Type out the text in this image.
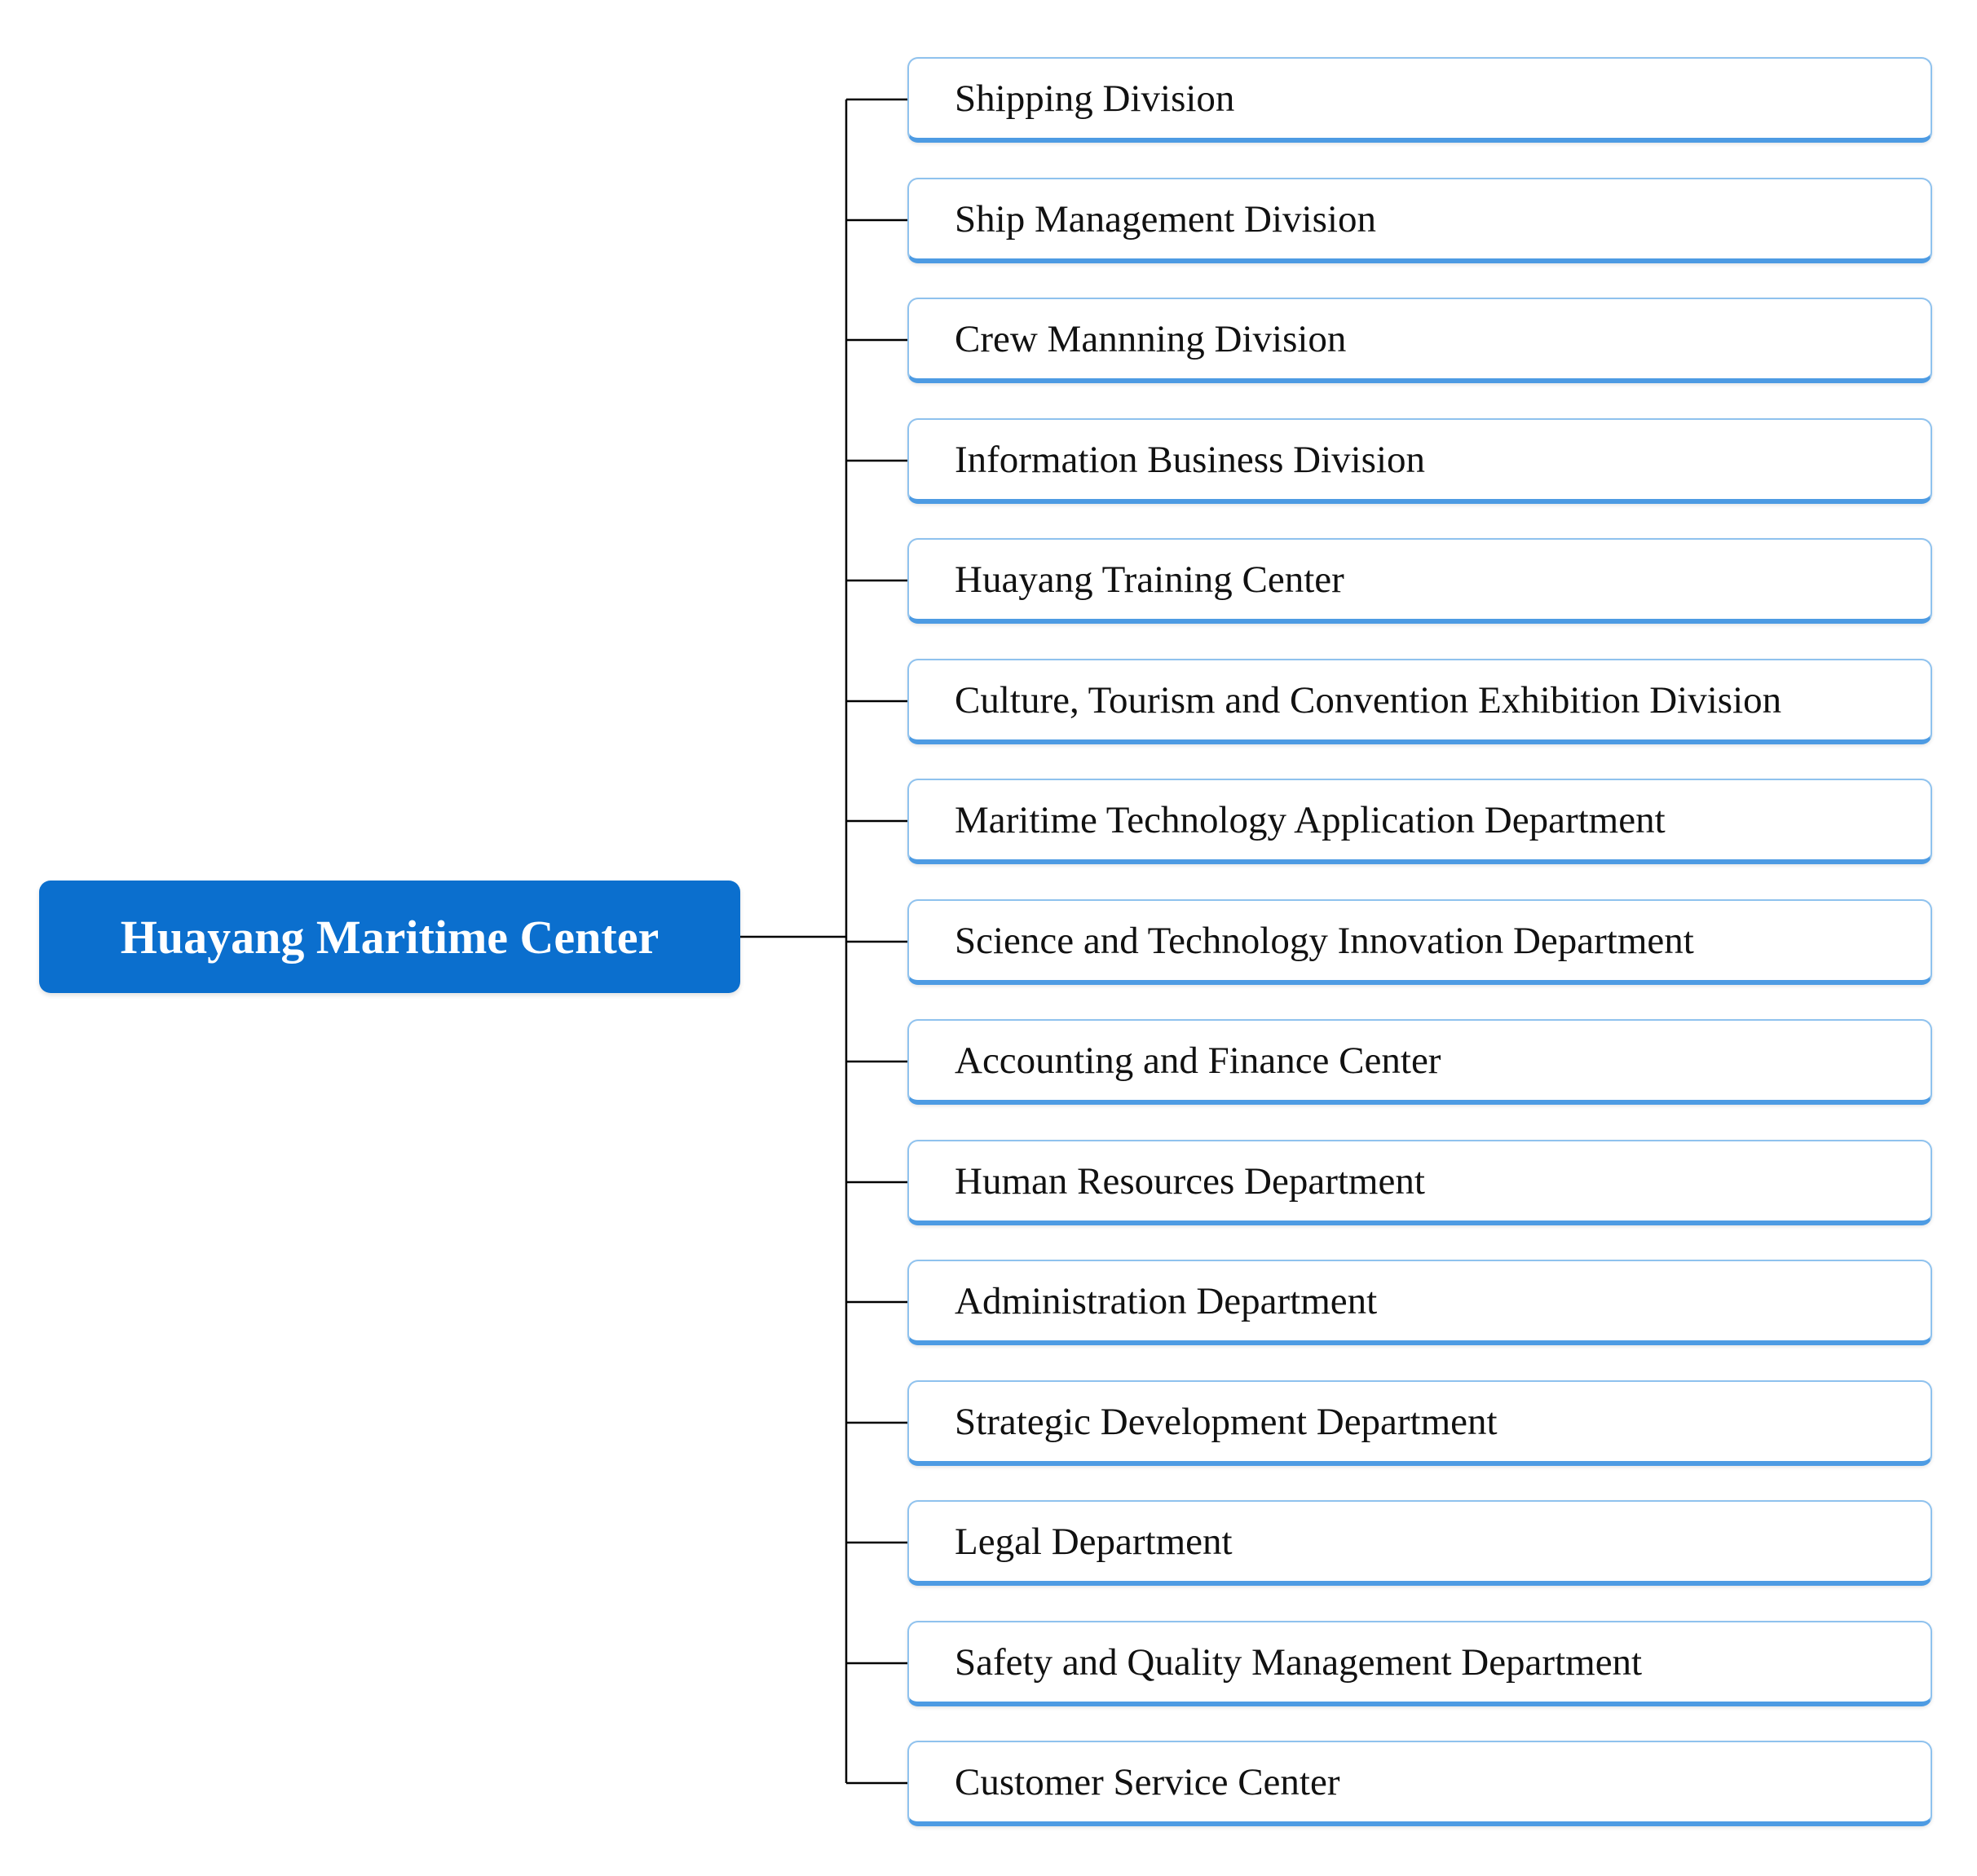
Huayang Maritime Center
Shipping Division
Ship Management Division
Crew Mannning Division
Information Business Division
Huayang Training Center
Culture, Tourism and Convention Exhibition Division
Maritime Technology Application Department
Science and Technology Innovation Department
Accounting and Finance Center
Human Resources Department
Administration Department
Strategic Development Department
Legal Department
Safety and Quality Management Department
Customer Service Center
